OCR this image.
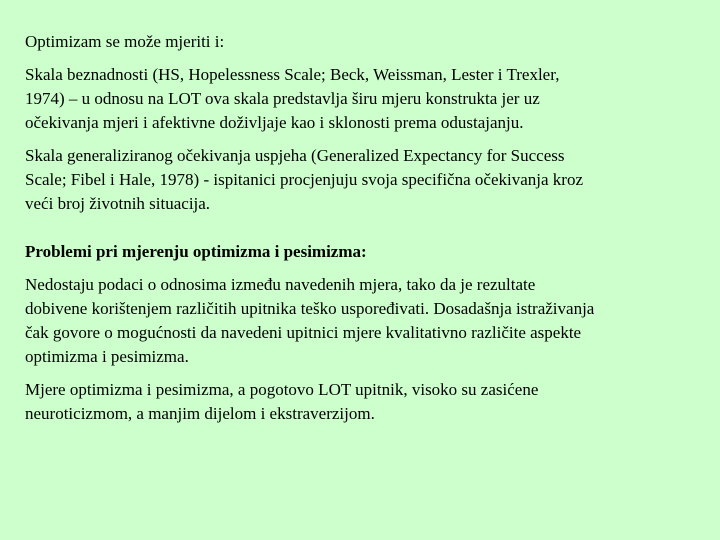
Optimizam se može mjeriti i:

Skala beznadnosti (HS, Hopelessness Scale; Beck, Weissman, Lester i Trexler,
1974) – u odnosu na LOT ova skala predstavlja širu mjeru konstrukta jer uz
očekivanja mjeri i afektivne doživljaje kao i sklonosti prema odustajanju.

Skala generaliziranog očekivanja uspjeha (Generalized Expectancy for Success
Scale; Fibel i Hale, 1978) - ispitanici procjenjuju svoja specifična očekivanja kroz
veći broj životnih situacija.

Problemi pri mjerenju optimizma i pesimizma:

Nedostaju podaci o odnosima između navedenih mjera, tako da je rezultate
dobivene korištenjem različitih upitnika teško uspoređivati. Dosadašnja istraživanja
čak govore o mogućnosti da navedeni upitnici mjere kvalitativno različite aspekte
optimizma i pesimizma.

Mjere optimizma i pesimizma, a pogotovo LOT upitnik, visoko su zasićene
neuroticizmom, a manjim dijelom i ekstraverzijom.
